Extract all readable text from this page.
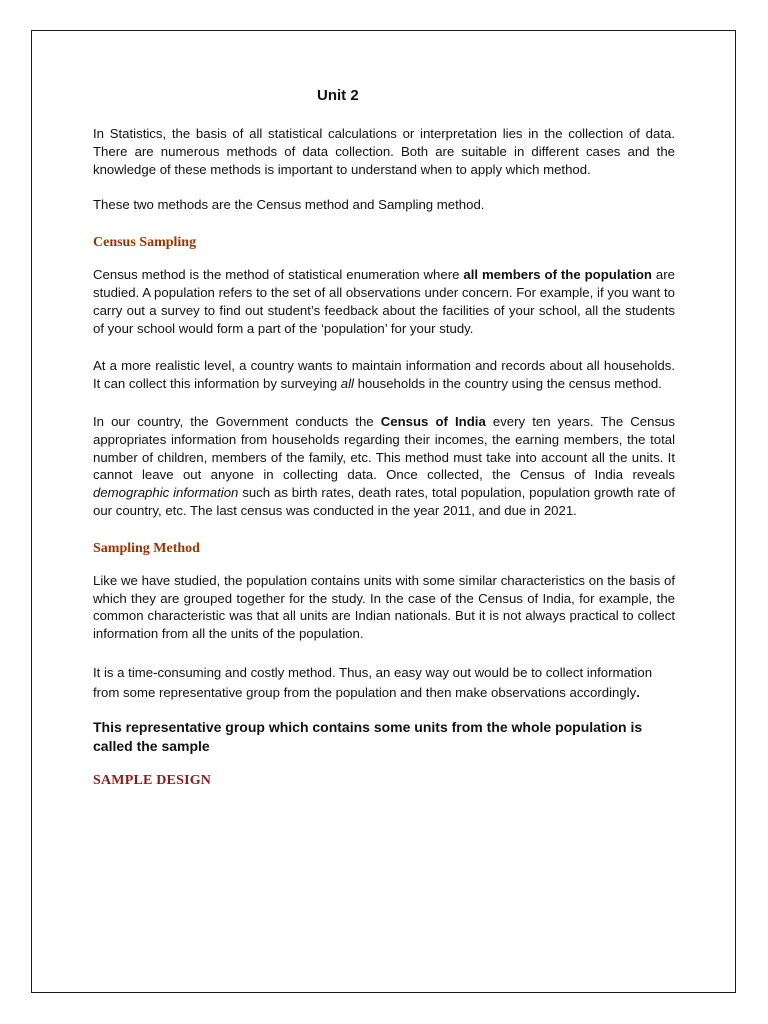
Unit 2

In Statistics, the basis of all statistical calculations or interpretation lies in the collection of data. There are numerous methods of data collection. Both are suitable in different cases and the knowledge of these methods is important to understand when to apply which method.

These two methods are the Census method and Sampling method.

Census Sampling

Census method is the method of statistical enumeration where all members of the population are studied. A population refers to the set of all observations under concern. For example, if you want to carry out a survey to find out student’s feedback about the facilities of your school, all the students of your school would form a part of the ‘population’ for your study.

At a more realistic level, a country wants to maintain information and records about all households. It can collect this information by surveying all households in the country using the census method.

In our country, the Government conducts the Census of India every ten years. The Census appropriates information from households regarding their incomes, the earning members, the total number of children, members of the family, etc. This method must take into account all the units. It cannot leave out anyone in collecting data. Once collected, the Census of India reveals demographic information such as birth rates, death rates, total population, population growth rate of our country, etc. The last census was conducted in the year 2011, and due in 2021.

Sampling Method

Like we have studied, the population contains units with some similar characteristics on the basis of which they are grouped together for the study. In the case of the Census of India, for example, the common characteristic was that all units are Indian nationals. But it is not always practical to collect information from all the units of the population.

It is a time-consuming and costly method. Thus, an easy way out would be to collect information from some representative group from the population and then make observations accordingly.

This representative group which contains some units from the whole population is called the sample
SAMPLE DESIGN
